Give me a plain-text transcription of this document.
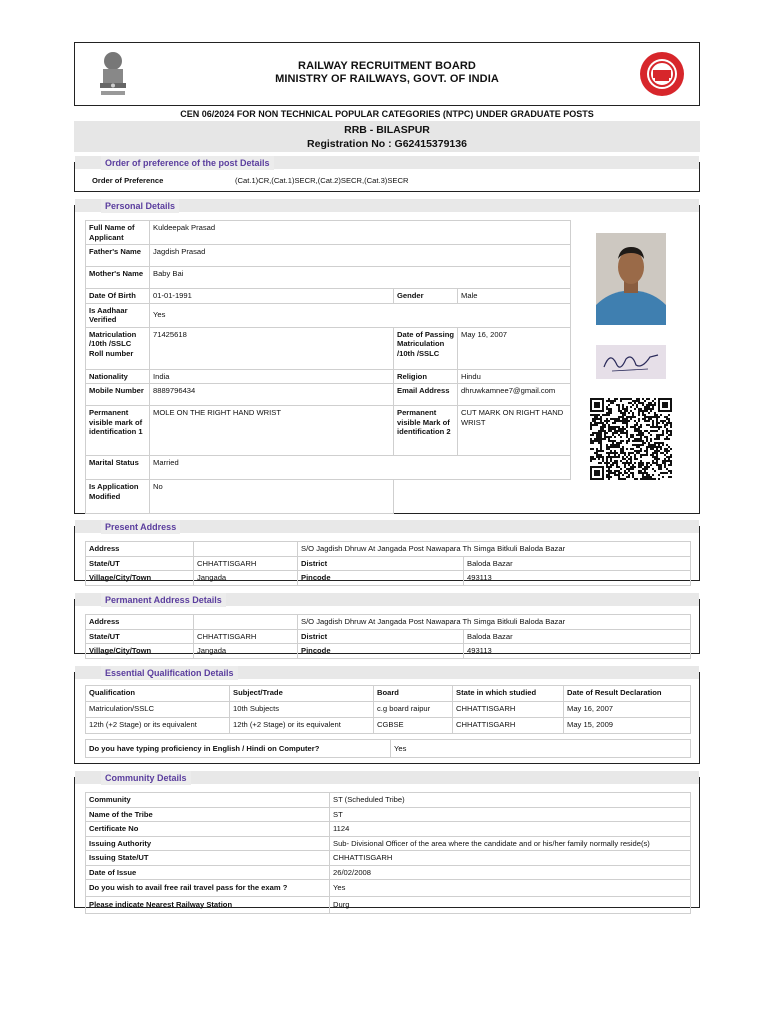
RAILWAY RECRUITMENT BOARD
MINISTRY OF RAILWAYS, GOVT. OF INDIA
CEN 06/2024 FOR NON TECHNICAL POPULAR CATEGORIES (NTPC) UNDER GRADUATE POSTS
RRB - BILASPUR
Registration No : G62415379136
Order of preference of the post Details
Order of Preference	(Cat.1)CR,(Cat.1)SECR,(Cat.2)SECR,(Cat.3)SECR
Personal Details
Full Name of Applicant	Kuldeepak Prasad		
Father's Name	Jagdish Prasad		
Mother's Name	Baby Bai		
Date Of Birth	01-01-1991	Gender	Male
Is Aadhaar Verified	Yes		
Matriculation /10th /SSLC Roll number	71425618	Date of Passing Matriculation /10th /SSLC	May 16, 2007
Nationality	India	Religion	Hindu
Mobile Number	8889796434	Email Address	dhruwkamnee7@gmail.com
Permanent visible mark of identification 1	MOLE ON THE RIGHT HAND WRIST	Permanent visible Mark of identification 2	CUT MARK ON RIGHT HAND WRIST
Marital Status	Married		
Is Application Modified	No		
Present Address
Address		S/O Jagdish Dhruw At Jangada Post Nawapara Th Simga Bitkuli Baloda Bazar	
State/UT	CHHATTISGARH	District	Baloda Bazar
Village/City/Town	Jangada	Pincode	493113
Permanent Address Details
Address		S/O Jagdish Dhruw At Jangada Post Nawapara Th Simga Bitkuli Baloda Bazar	
State/UT	CHHATTISGARH	District	Baloda Bazar
Village/City/Town	Jangada	Pincode	493113
Essential Qualification Details
Qualification	Subject/Trade	Board	State in which studied	Date of Result Declaration
Matriculation/SSLC	10th Subjects	c.g board raipur	CHHATTISGARH	May 16, 2007
12th (+2 Stage) or its equivalent	12th (+2 Stage) or its equivalent	CGBSE	CHHATTISGARH	May 15, 2009
Do you have typing proficiency in English / Hindi on Computer?	Yes
Community Details
Community	ST (Scheduled Tribe)
Name of the Tribe	ST
Certificate No	1124
Issuing Authority	Sub- Divisional Officer of the area where the candidate and or his/her family normally reside(s)
Issuing State/UT	CHHATTISGARH
Date of Issue	26/02/2008
Do you wish to avail free rail travel pass for the exam ?	Yes
Please indicate Nearest Railway Station	Durg
